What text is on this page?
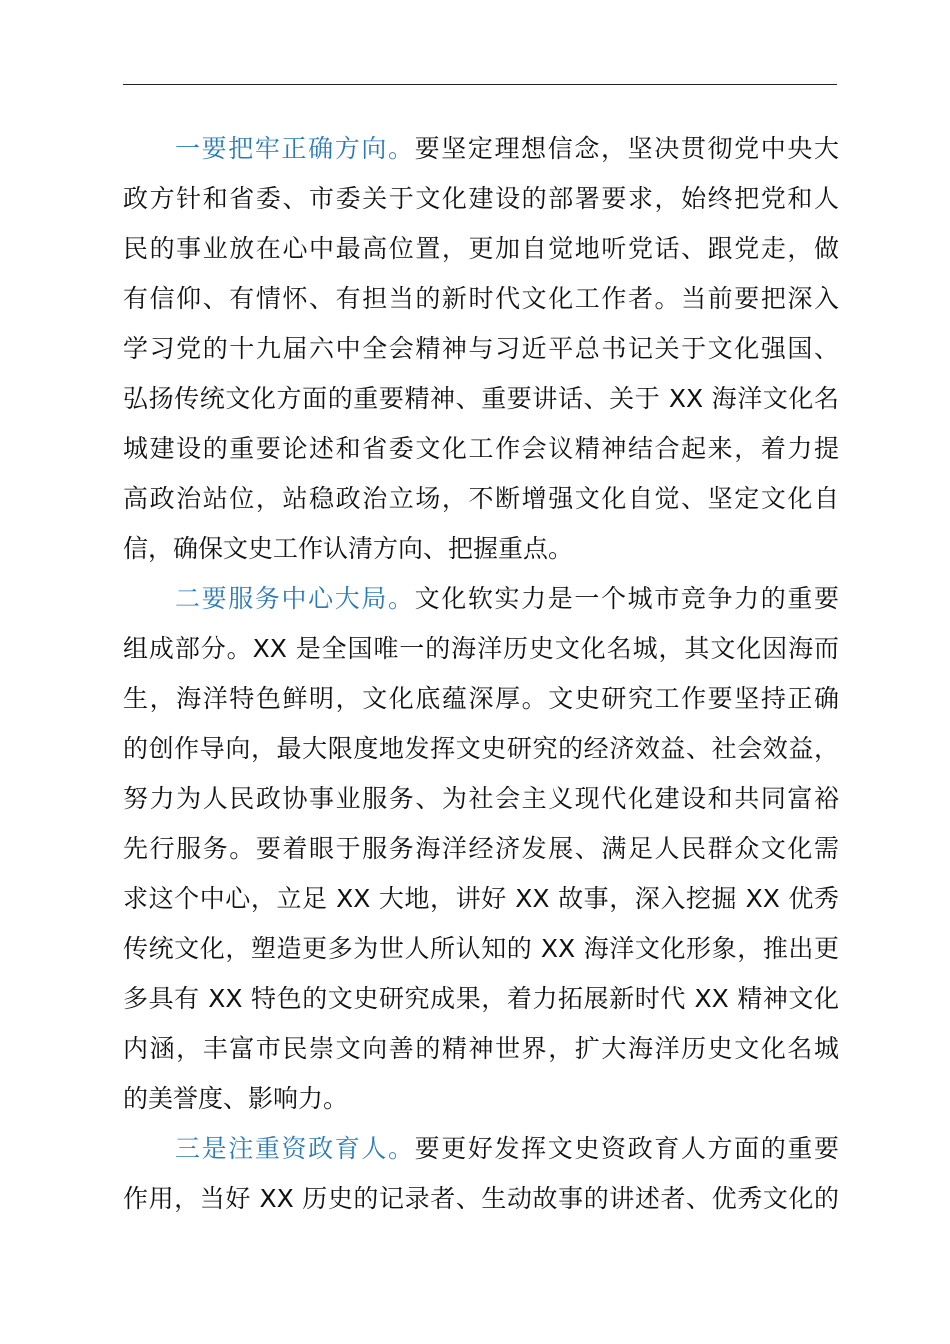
一要把牢正确方向。要坚定理想信念，坚决贯彻党中央大
政方针和省委、市委关于文化建设的部署要求，始终把党和人
民的事业放在心中最高位置，更加自觉地听党话、跟党走，做
有信仰、有情怀、有担当的新时代文化工作者。当前要把深入
学习党的十九届六中全会精神与习近平总书记关于文化强国、
弘扬传统文化方面的重要精神、重要讲话、关于 XX 海洋文化名
城建设的重要论述和省委文化工作会议精神结合起来，着力提
高政治站位，站稳政治立场，不断增强文化自觉、坚定文化自
信，确保文史工作认清方向、把握重点。
二要服务中心大局。文化软实力是一个城市竞争力的重要
组成部分。XX 是全国唯一的海洋历史文化名城，其文化因海而
生，海洋特色鲜明，文化底蕴深厚。文史研究工作要坚持正确
的创作导向，最大限度地发挥文史研究的经济效益、社会效益，
努力为人民政协事业服务、为社会主义现代化建设和共同富裕
先行服务。要着眼于服务海洋经济发展、满足人民群众文化需
求这个中心，立足 XX 大地，讲好 XX 故事，深入挖掘 XX 优秀
传统文化，塑造更多为世人所认知的 XX 海洋文化形象，推出更
多具有 XX 特色的文史研究成果，着力拓展新时代 XX 精神文化
内涵，丰富市民崇文向善的精神世界，扩大海洋历史文化名城
的美誉度、影响力。
三是注重资政育人。要更好发挥文史资政育人方面的重要
作用，当好 XX 历史的记录者、生动故事的讲述者、优秀文化的
